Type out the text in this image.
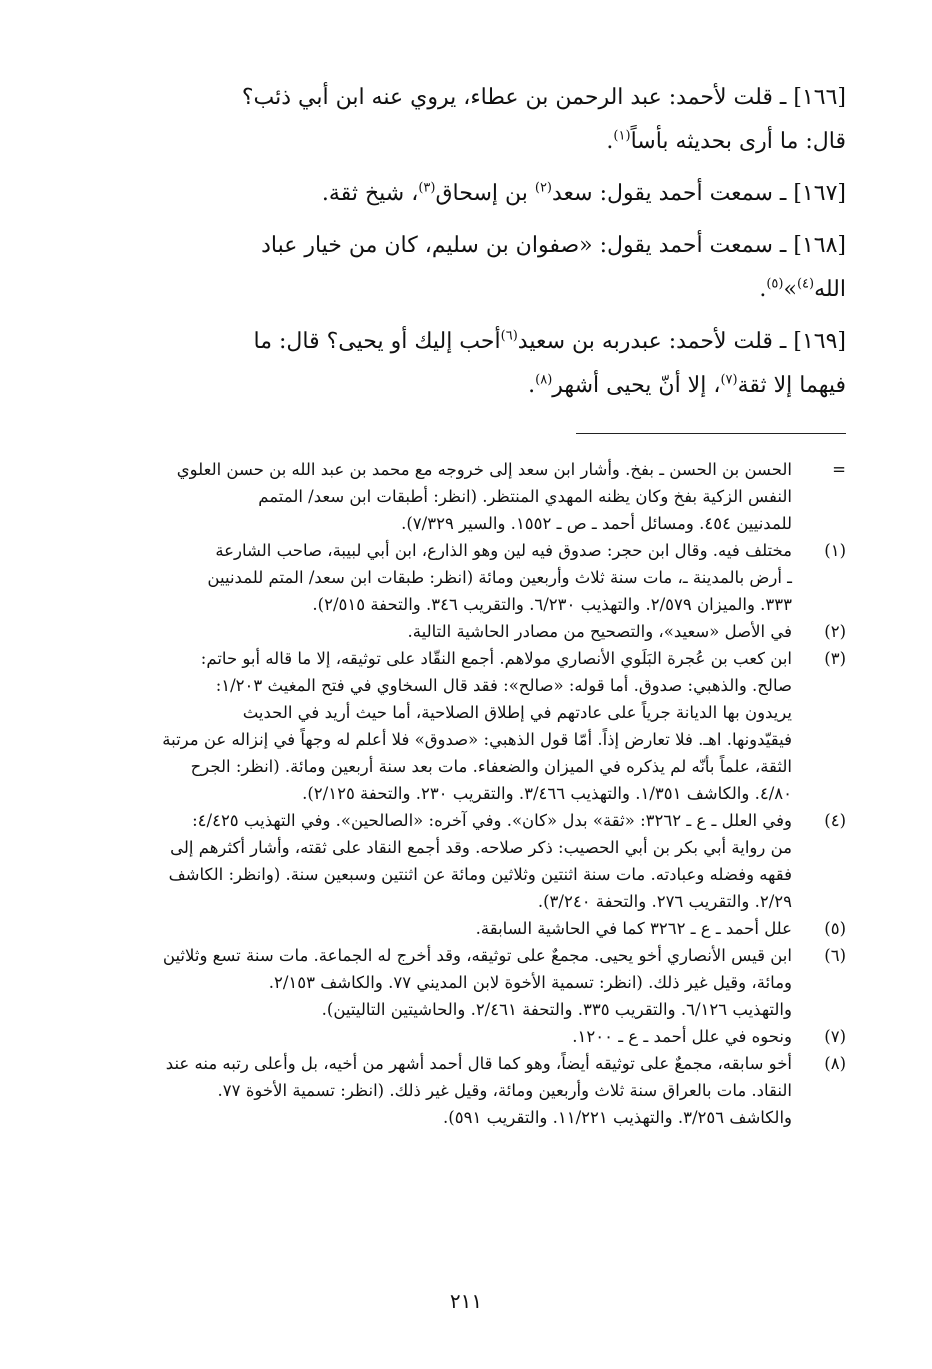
[١٦٦] ـ قلت لأحمد: عبد الرحمن بن عطاء، يروي عنه ابن أبي ذئب؟
قال: ما أرى بحديثه بأساً$^{(١)}$.

[١٦٧] ـ سمعت أحمد يقول: سعد$^{(٢)}$ بن إسحاق$^{(٣)}$، شيخ ثقة.

[١٦٨] ـ سمعت أحمد يقول: «صفوان بن سليم، كان من خيار عباد
الله$^{(٤)}$»$^{(٥)}$.

[١٦٩] ـ قلت لأحمد: عبدربه بن سعيد$^{(٦)}$أحب إليك أو يحيى؟ قال: ما
فيهما إلا ثقة$^{(٧)}$، إلا أنّ يحيى أشهر$^{(٨)}$.

=
الحسن بن الحسن ـ بفخ. وأشار ابن سعد إلى خروجه مع محمد بن عبد الله بن حسن العلوي
النفس الزكية بفخ وكان يظنه المهدي المنتظر. (انظر: أطبقات ابن سعد/ المتمم
للمدنيين ٤٥٤. ومسائل أحمد ـ ص ـ ١٥٥٢. والسير ٧/٣٢٩).
(١)
مختلف فيه. وقال ابن حجر: صدوق فيه لين وهو الذارع، ابن أبي لبيبة، صاحب الشارعة
ـ أرض بالمدينة ـ، مات سنة ثلاث وأربعين ومائة (انظر: طبقات ابن سعد/ المتم للمدنيين
٣٣٣. والميزان ٢/٥٧٩. والتهذيب ٦/٢٣٠. والتقريب ٣٤٦. والتحفة ٢/٥١٥).
(٢)
في الأصل «سعيد»، والتصحيح من مصادر الحاشية التالية.
(٣)
ابن كعب بن عُجرة البَلَوي الأنصاري مولاهم. أجمع النقّاد على توثيقه، إلا ما قاله أبو حاتم:
صالح. والذهبي: صدوق. أما قوله: «صالح»: فقد قال السخاوي في فتح المغيث ١/٢٠٣:
يريدون بها الديانة جرياً على عادتهم في إطلاق الصلاحية، أما حيث أريد في الحديث
فيقيّدونها. اهـ. فلا تعارض إذاً. أمّا قول الذهبي: «صدوق» فلا أعلم له وجهاً في إنزاله عن مرتبة
الثقة، علماً بأنّه لم يذكره في الميزان والضعفاء. مات بعد سنة أربعين ومائة. (انظر: الجرح
٤/٨٠. والكاشف ١/٣٥١. والتهذيب ٣/٤٦٦. والتقريب ٢٣٠. والتحفة ٢/١٢٥).
(٤)
وفي العلل ـ ع ـ ٣٢٦٢: «ثقة» بدل «كان». وفي آخره: «الصالحين». وفي التهذيب ٤/٤٢٥:
من رواية أبي بكر بن أبي الحصيب: ذكر صلاحه. وقد أجمع النقاد على ثقته، وأشار أكثرهم إلى
فقهه وفضله وعبادته. مات سنة اثنتين وثلاثين ومائة عن اثنتين وسبعين سنة. (وانظر: الكاشف
٢/٢٩. والتقريب ٢٧٦. والتحفة ٣/٢٤٠).
(٥)
علل أحمد ـ ع ـ ٣٢٦٢ كما في الحاشية السابقة.
(٦)
ابن قيس الأنصاري أخو يحيى. مجمعٌ على توثيقه، وقد أخرج له الجماعة. مات سنة تسع وثلاثين
ومائة، وقيل غير ذلك. (انظر: تسمية الأخوة لابن المديني ٧٧. والكاشف ٢/١٥٣.
والتهذيب ٦/١٢٦. والتقريب ٣٣٥. والتحفة ٢/٤٦١. والحاشيتين التاليتين).
(٧)
ونحوه في علل أحمد ـ ع ـ ١٢٠٠.
(٨)
أخو سابقه، مجمعٌ على توثيقه أيضاً، وهو كما قال أحمد أشهر من أخيه، بل وأعلى رتبه منه عند
النقاد. مات بالعراق سنة ثلاث وأربعين ومائة، وقيل غير ذلك. (انظر: تسمية الأخوة ٧٧.
والكاشف ٣/٢٥٦. والتهذيب ١١/٢٢١. والتقريب ٥٩١).
٢١١
